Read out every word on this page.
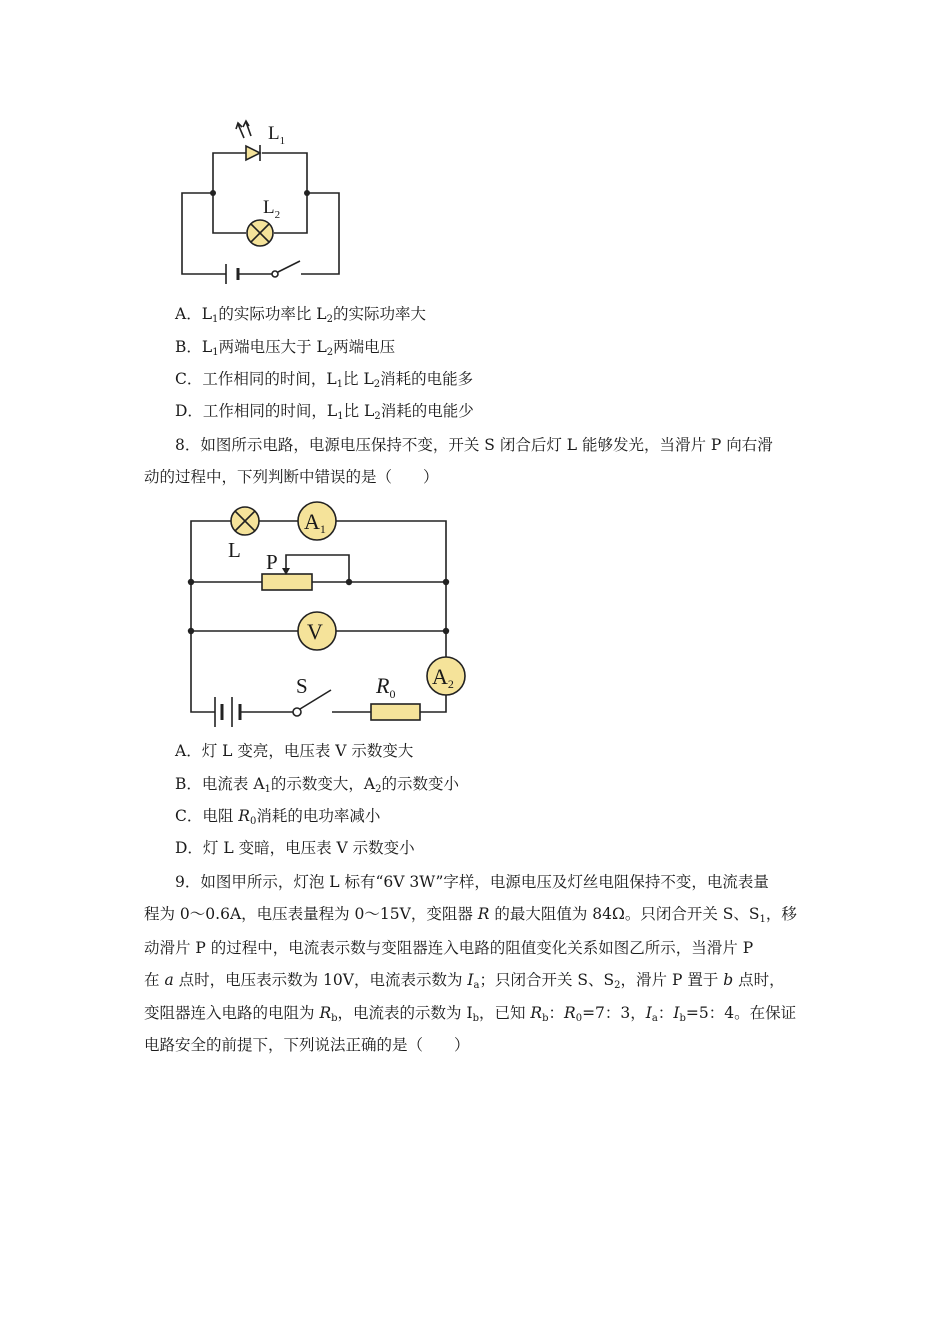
$L_1$
$L_2$
A．$L_1$的实际功率比 $L_2$的实际功率大
B．$L_1$两端电压大于 $L_2$两端电压
C．工作相同的时间，$L_1$比 $L_2$消耗的电能多
D．工作相同的时间，$L_1$比 $L_2$消耗的电能少
8．如图所示电路，电源电压保持不变，开关 S 闭合后灯 L 能够发光，当滑片 P 向右滑
动的过程中，下列判断中错误的是（　　）
L
A1
P
V
A2
$R_0$
S
A．灯 L 变亮，电压表 V 示数变大
B．电流表 $A_1$的示数变大，$A_2$的示数变小
C．电阻 $R_0$消耗的电功率减小
D．灯 L 变暗，电压表 V 示数变小
9．如图甲所示，灯泡 L 标有“6V 3W”字样，电源电压及灯丝电阻保持不变，电流表量
程为 0～0.6A，电压表量程为 0～15V，变阻器 R 的最大阻值为 84Ω。只闭合开关 S、$S_1$，移
动滑片 P 的过程中，电流表示数与变阻器连入电路的阻值变化关系如图乙所示，当滑片 P
在 a 点时，电压表示数为 10V，电流表示数为 $I_a$；只闭合开关 S、$S_2$，滑片 P 置于 b 点时，
变阻器连入电路的电阻为 $R_b$，电流表的示数为 $I_b$，已知 $R_b$：$R_0=7$：3，$I_a$：$I_b=5$：4。在保证
电路安全的前提下，下列说法正确的是（　　）
